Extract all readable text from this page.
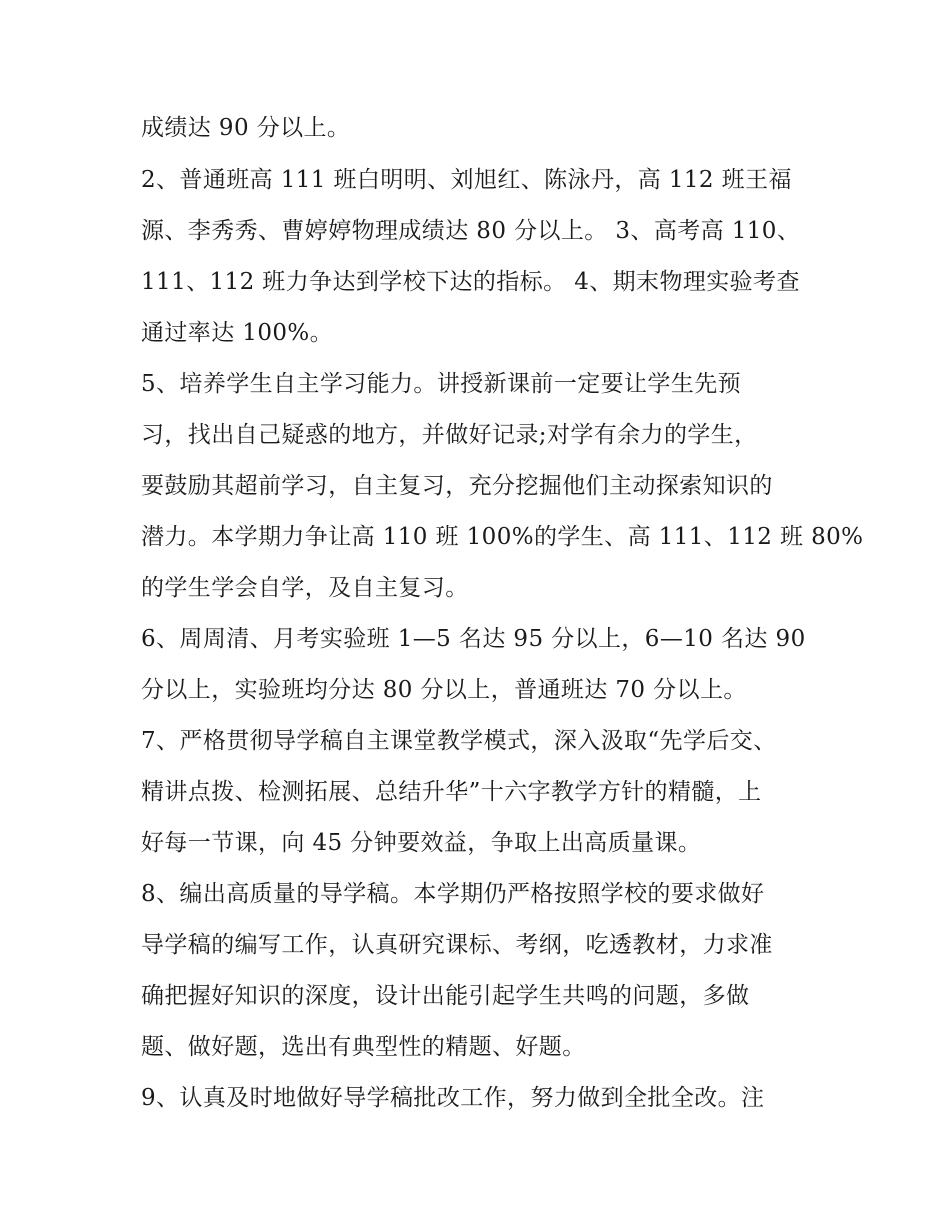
成绩达 90 分以上。
2、普通班高 111 班白明明、刘旭红、陈泳丹，高 112 班王福
源、李秀秀、曹婷婷物理成绩达 80 分以上。 3、高考高 110、
111、112 班力争达到学校下达的指标。 4、期末物理实验考查
通过率达 100%。
5、培养学生自主学习能力。讲授新课前一定要让学生先预
习，找出自己疑惑的地方，并做好记录;对学有余力的学生，
要鼓励其超前学习，自主复习，充分挖掘他们主动探索知识的
潜力。本学期力争让高 110 班 100%的学生、高 111、112 班 80%
的学生学会自学，及自主复习。
6、周周清、月考实验班 1—5 名达 95 分以上，6—10 名达 90
分以上，实验班均分达 80 分以上，普通班达 70 分以上。
7、严格贯彻导学稿自主课堂教学模式，深入汲取“先学后交、
精讲点拨、检测拓展、总结升华”十六字教学方针的精髓，上
好每一节课，向 45 分钟要效益，争取上出高质量课。
8、编出高质量的导学稿。本学期仍严格按照学校的要求做好
导学稿的编写工作，认真研究课标、考纲，吃透教材，力求准
确把握好知识的深度，设计出能引起学生共鸣的问题，多做
题、做好题，选出有典型性的精题、好题。
9、认真及时地做好导学稿批改工作，努力做到全批全改。注
